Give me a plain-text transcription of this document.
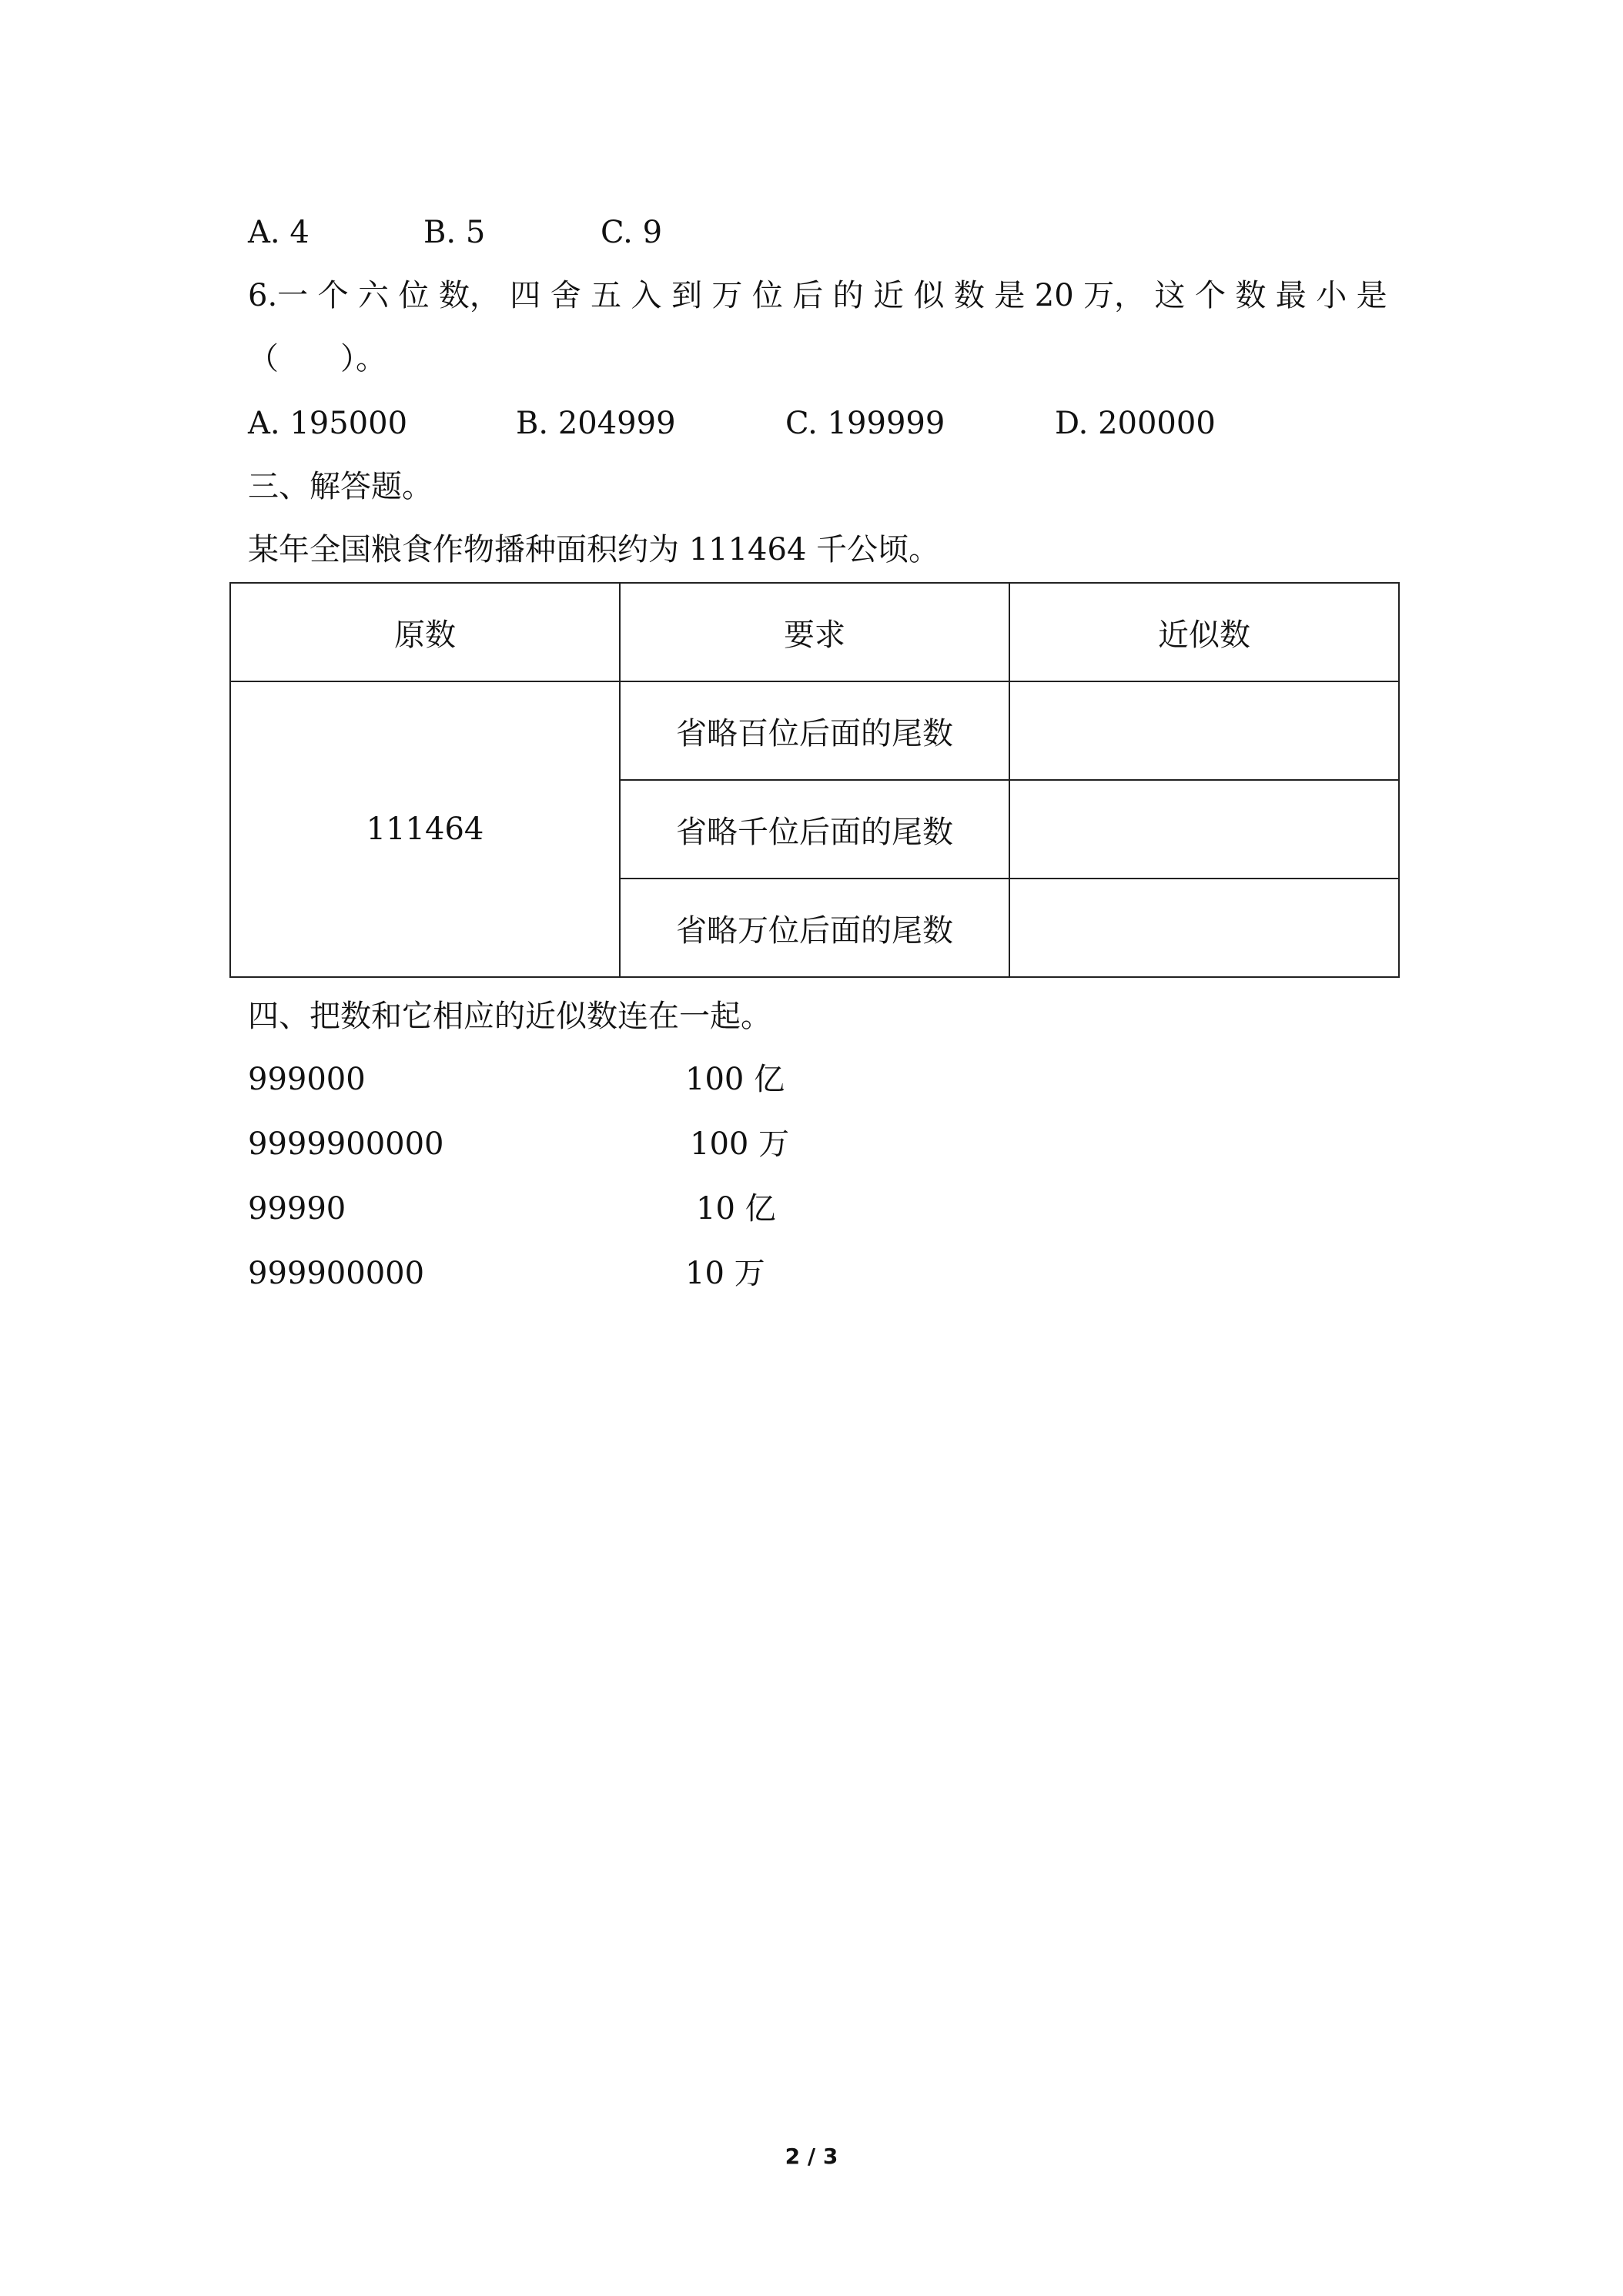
A. 4	B. 5	C. 9
6.一 个 六 位 数， 四 舍 五 入 到 万 位 后 的 近 似 数 是 20 万， 这 个 数 最 小 是
（　　）。
A. 195000	B. 204999	C. 199999	D. 200000
三、解答题。
某年全国粮食作物播种面积约为 111464 千公顷。
原数	要求	近似数
111464	省略百位后面的尾数	
	省略千位后面的尾数	
	省略万位后面的尾数	
四、把数和它相应的近似数连在一起。
999000	100 亿
9999900000	100 万
99990	10 亿
999900000	10 万
2 / 3
